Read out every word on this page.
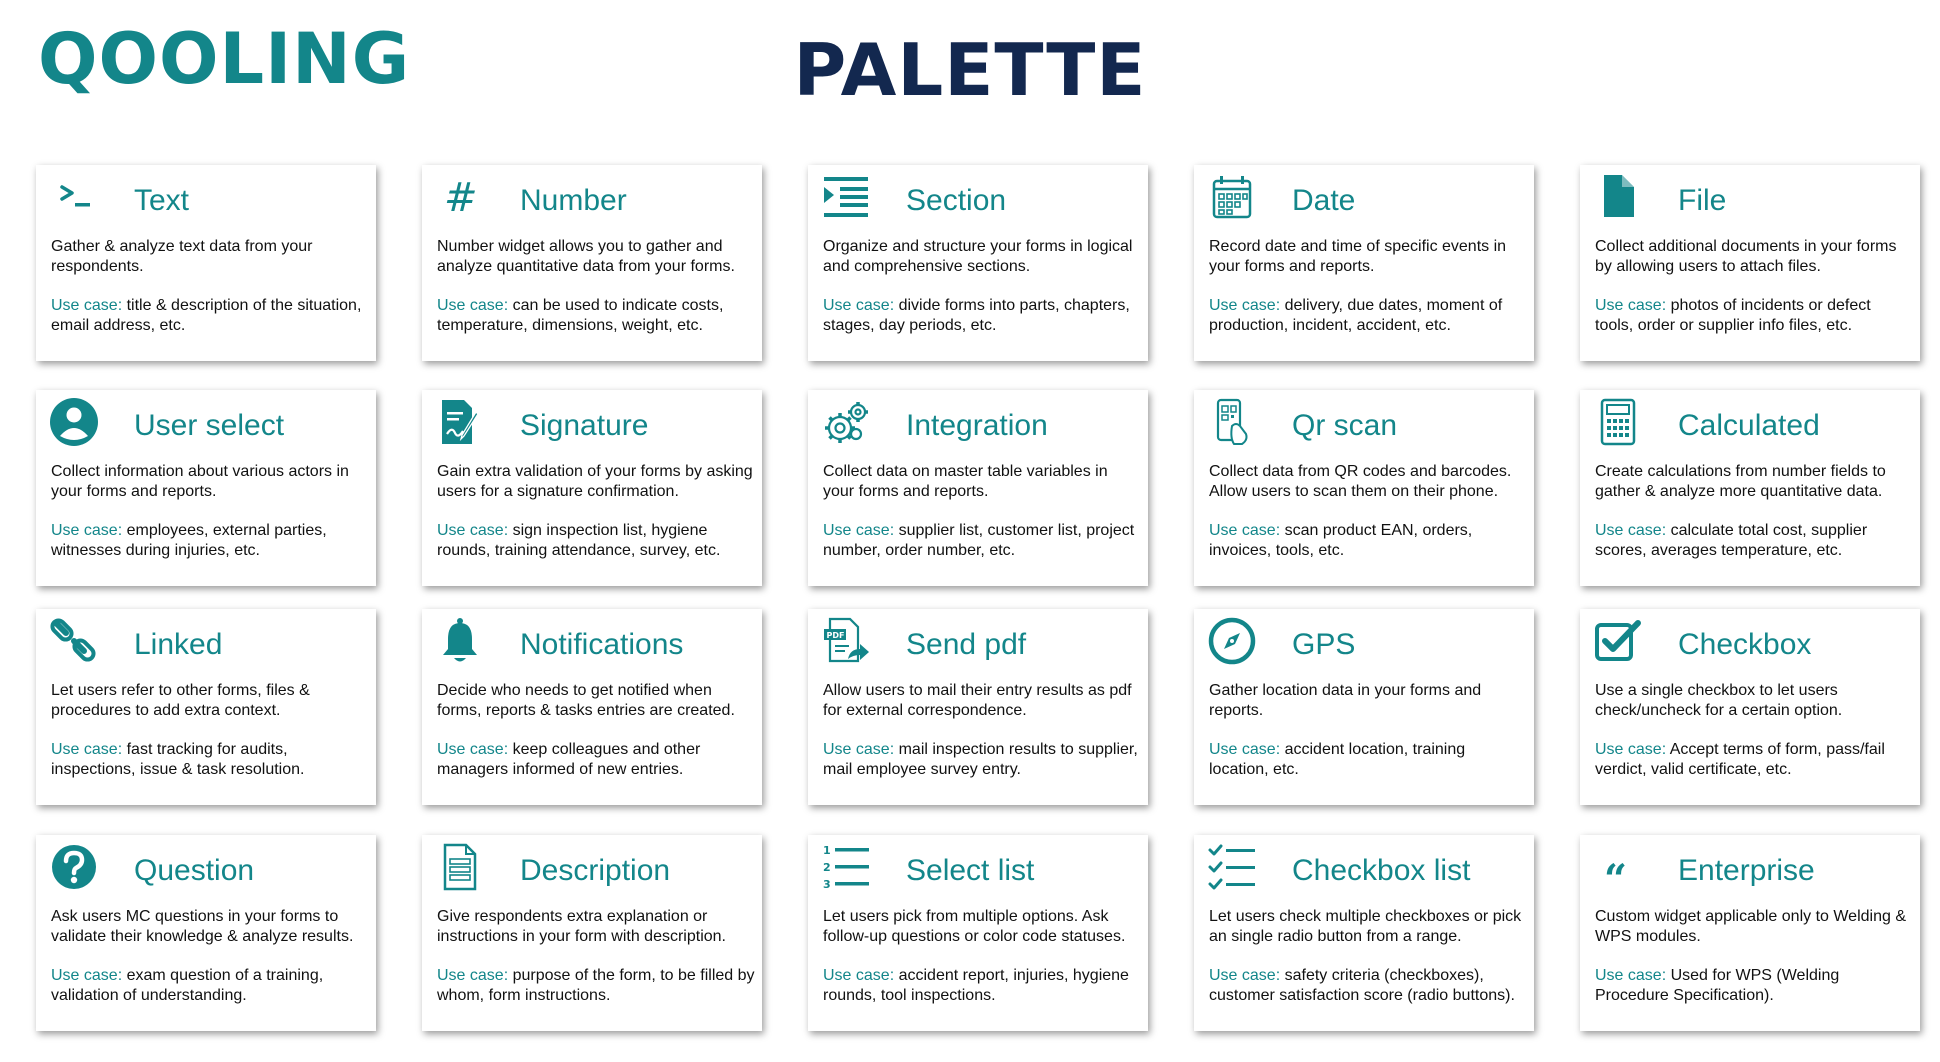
QOOLING	PALETTE
Text
Gather & analyze text data from your respondents.
Use case: title & description of the situation, email address, etc.
# Number
Number widget allows you to gather and analyze quantitative data from your forms.
Use case: can be used to indicate costs, temperature, dimensions, weight, etc.
Section
Organize and structure your forms in logical and comprehensive sections.
Use case: divide forms into parts, chapters, stages, day periods, etc.
Date
Record date and time of specific events in your forms and reports.
Use case: delivery, due dates, moment of production, incident, accident, etc.
File
Collect additional documents in your forms by allowing users to attach files.
Use case: photos of incidents or defect tools, order or supplier info files, etc.
User select
Collect information about various actors in your forms and reports.
Use case: employees, external parties, witnesses during injuries, etc.
Signature
Gain extra validation of your forms by asking users for a signature confirmation.
Use case: sign inspection list, hygiene rounds, training attendance, survey, etc.
Integration
Collect data on master table variables in your forms and reports.
Use case: supplier list, customer list, project number, order number, etc.
Qr scan
Collect data from QR codes and barcodes. Allow users to scan them on their phone.
Use case: scan product EAN, orders, invoices, tools, etc.
Calculated
Create calculations from number fields to gather & analyze more quantitative data.
Use case: calculate total cost, supplier scores, averages temperature, etc.
Linked
Let users refer to other forms, files & procedures to add extra context.
Use case: fast tracking for audits, inspections, issue & task resolution.
Notifications
Decide who needs to get notified when forms, reports & tasks entries are created.
Use case: keep colleagues and other managers informed of new entries.
PDF Send pdf
Allow users to mail their entry results as pdf for external correspondence.
Use case: mail inspection results to supplier, mail employee survey entry.
GPS
Gather location data in your forms and reports.
Use case: accident location, training location, etc.
Checkbox
Use a single checkbox to let users check/uncheck for a certain option.
Use case: Accept terms of form, pass/fail verdict, valid certificate, etc.
Question
Ask users MC questions in your forms to validate their knowledge & analyze results.
Use case: exam question of a training, validation of understanding.
Description
Give respondents extra explanation or instructions in your form with description.
Use case: purpose of the form, to be filled by whom, form instructions.
1
2
3	Select list
Let users pick from multiple options. Ask follow-up questions or color code statuses.
Use case: accident report, injuries, hygiene rounds, tool inspections.
Checkbox list
Let users check multiple checkboxes or pick an single radio button from a range.
Use case: safety criteria (checkboxes), customer satisfaction score (radio buttons).
“ Enterprise
Custom widget applicable only to Welding & WPS modules.
Use case: Used for WPS (Welding Procedure Specification).
